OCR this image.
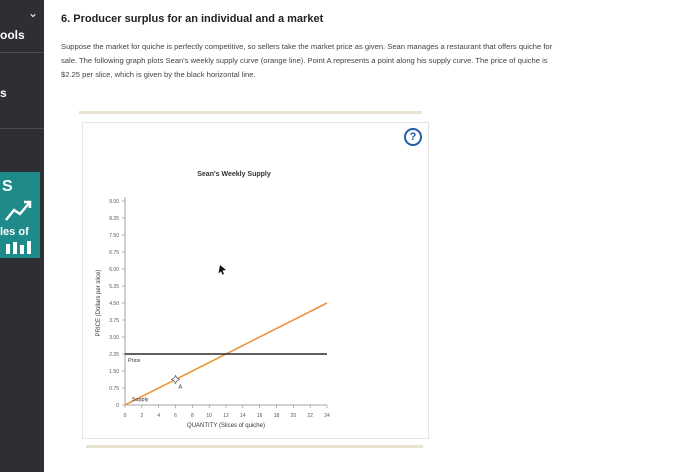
⌄
ools
s
S
les of
6. Producer surplus for an individual and a market
Suppose the market for quiche is perfectly competitive, so sellers take the market price as given. Sean manages a restaurant that offers quiche for
sale. The following graph plots Sean's weekly supply curve (orange line). Point A represents a point along his supply curve. The price of quiche is
$2.25 per slice, which is given by the black horizontal line.
Sean's Weekly Supply
0
0.75
1.50
2.25
3.00
3.75
4.50
5.25
6.00
6.75
7.50
8.25
9.00
0	2	4	6	8	10 12 14 16 18 20 22 24
QUANTITY (Slices of quiche)
PRICE (Dollars per slice)
Price
Supply
A
?
